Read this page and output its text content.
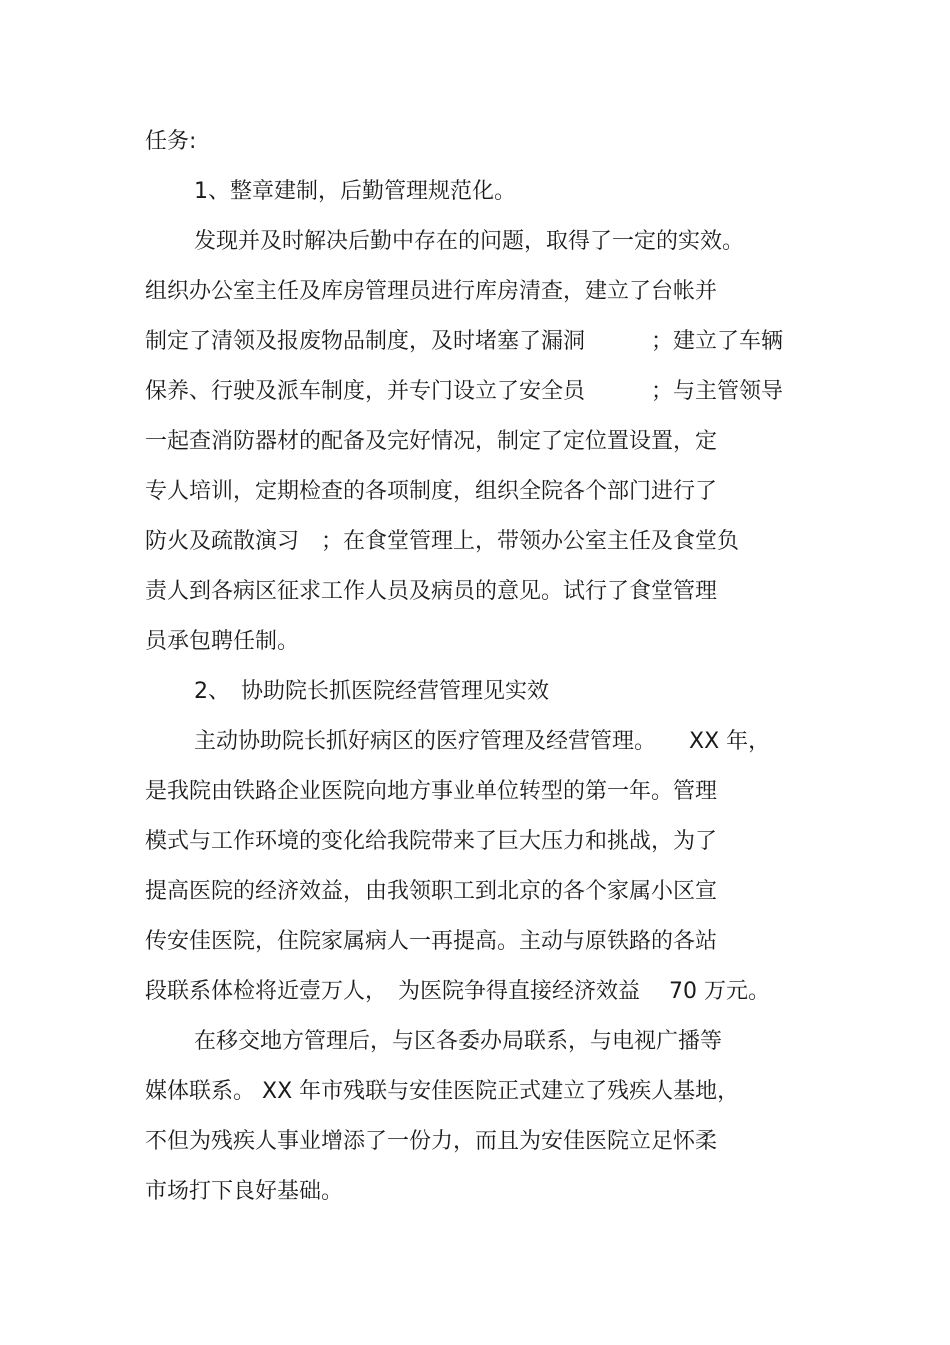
任务:
1、整章建制，后勤管理规范化。
发现并及时解决后勤中存在的问题，取得了一定的实效。
组织办公室主任及库房管理员进行库房清查，建立了台帐并
制定了清领及报废物品制度，及时堵塞了漏洞　　　；建立了车辆
保养、行驶及派车制度，并专门设立了安全员　　　；与主管领导
一起查消防器材的配备及完好情况，制定了定位置设置，定
专人培训，定期检查的各项制度，组织全院各个部门进行了
防火及疏散演习　；在食堂管理上，带领办公室主任及食堂负
责人到各病区征求工作人员及病员的意见。试行了食堂管理
员承包聘任制。
2、　协助院长抓医院经营管理见实效
主动协助院长抓好病区的医疗管理及经营管理。　　XX 年，
是我院由铁路企业医院向地方事业单位转型的第一年。管理
模式与工作环境的变化给我院带来了巨大压力和挑战，为了
提高医院的经济效益，由我领职工到北京的各个家属小区宣
传安佳医院，住院家属病人一再提高。主动与原铁路的各站
段联系体检将近壹万人，　为医院争得直接经济效益　 70 万元。
在移交地方管理后，与区各委办局联系，与电视广播等
媒体联系。 XX 年市残联与安佳医院正式建立了残疾人基地，
不但为残疾人事业增添了一份力，而且为安佳医院立足怀柔
市场打下良好基础。
